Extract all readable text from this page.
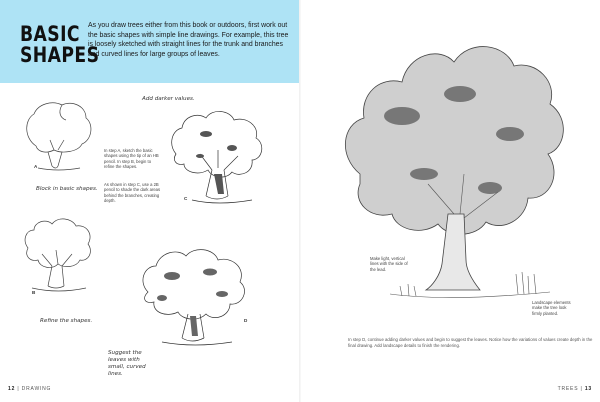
BASIC
SHAPES
As you draw trees either from this book or outdoors, first work out the basic shapes with simple line drawings. For example, this tree is loosely sketched with straight lines for the trunk and branches and curved lines for large groups of leaves.
A
Block in basic shapes.
B
Refine the shapes.
In step A, sketch the basic shapes using the tip of an HB pencil. In step B, begin to refine the shapes.
As shown in step C, use a 2B pencil to shade the dark areas behind the branches, creating depth.
Add darker values.
C
D
Suggest the leaves with small, curved lines.
12 | DRAWING
Make light, vertical lines with the side of the lead.
Landscape elements make the tree look firmly planted.
TREES | 13
In step D, continue adding darker values and begin to suggest the leaves. Notice how the variations of values create depth in the final drawing. Add landscape details to finish the rendering.
